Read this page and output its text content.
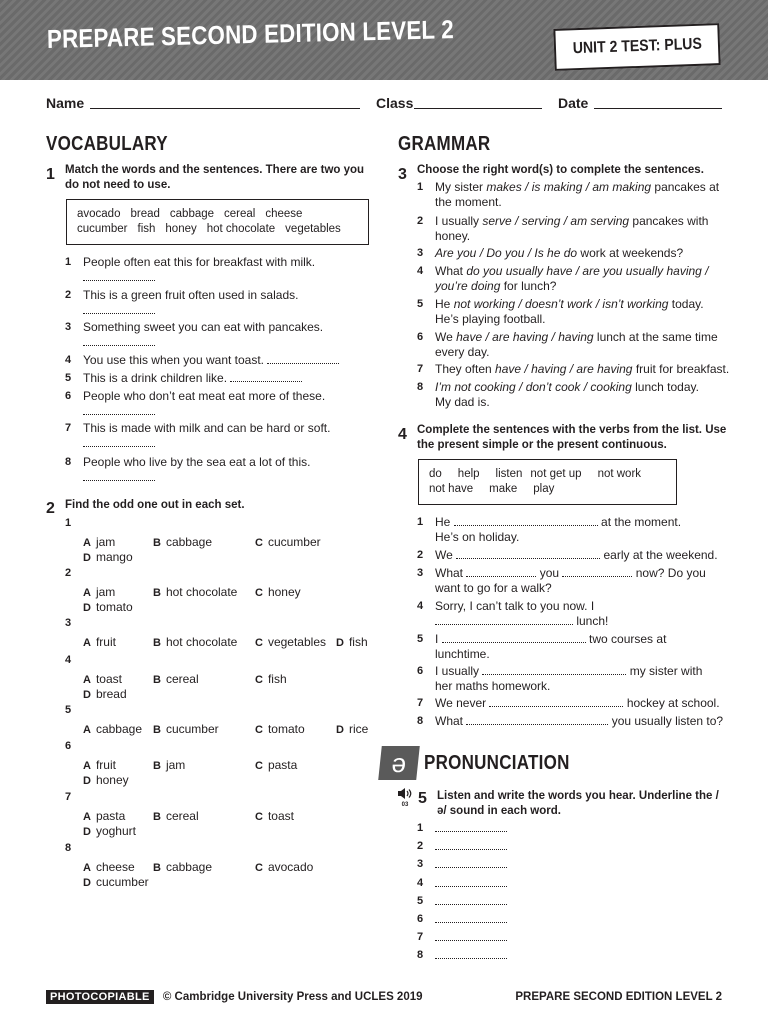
PREPARE SECOND EDITION LEVEL 2	UNIT 2 TEST: PLUS
Name	Class	Date
VOCABULARY
1 Match the words and the sentences. There are two you do not need to use.
avocado bread cabbage cereal cheese
cucumber fish honey hot chocolate vegetables
1 People often eat this for breakfast with milk.

2 This is a green fruit often used in salads.

3 Something sweet you can eat with pancakes.

4 You use this when you want toast.
5 This is a drink children like.
6 People who don’t eat meat eat more of these.

7 This is made with milk and can be hard or soft.

8 People who live by the sea eat a lot of this.

2 Find the odd one out in each set.
1
A jam	B cabbage	C cucumber
D mango
2
A jam	B hot chocolate C honey
D tomato
3
A fruit	B hot chocolate C vegetables D fish
4
A toast	B cereal	C fish
D bread
5
A cabbage B cucumber	C tomato	D rice
6
A fruit	B jam	C pasta
D honey
7
A pasta	B cereal	C toast
D yoghurt
8
A cheese B cabbage	C avocado
D cucumber
GRAMMAR
3 Choose the right word(s) to complete the sentences.
1 My sister makes / is making / am making pancakes at
the moment.
2 I usually serve / serving / am serving pancakes with
honey.
3 Are you / Do you / Is he do work at weekends?
4 What do you usually have / are you usually having /
you’re doing for lunch?
5 He not working / doesn’t work / isn’t working today.
He’s playing football.
6 We have / are having / having lunch at the same time
every day.
7 They often have / having / are having fruit for breakfast.
8 I’m not cooking / don’t cook / cooking lunch today.
My dad is.
4 Complete the sentences with the verbs from the list. Use the present simple or the present continuous.
do help listen not get up not work
not have make play
1 He	at the moment.
He’s on holiday.
2 We	early at the weekend.
3 What	you	now? Do you
want to go for a walk?
4 Sorry, I can’t talk to you now. I
lunch!
5 I	two courses at
lunchtime.
6 I usually	my sister with
her maths homework.
7 We never	hockey at school.
8 What	you usually listen to?
ə PRONUNCIATION
03 5 Listen and write the words you hear. Underline the /ə/ sound in each word.
1
2
3
4
5
6
7
8
PHOTOCOPIABLE © Cambridge University Press and UCLES 2019	PREPARE SECOND EDITION LEVEL 2
